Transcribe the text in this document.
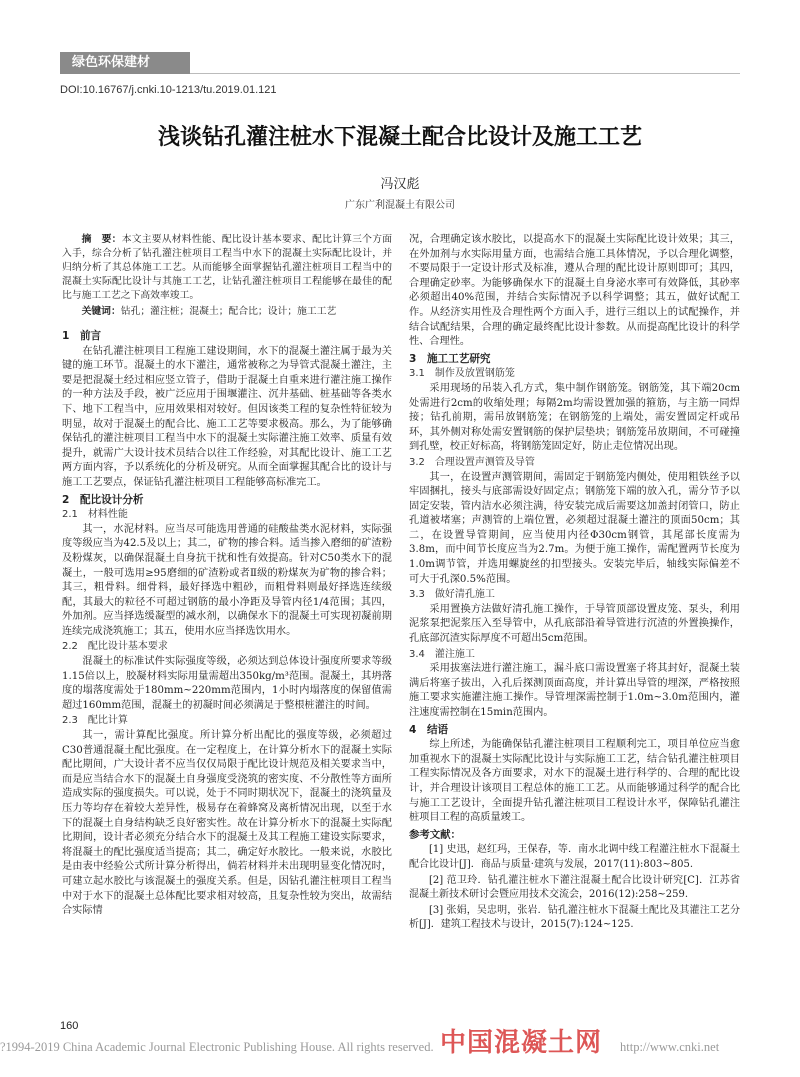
绿色环保建材
DOI:10.16767/j.cnki.10-1213/tu.2019.01.121
浅谈钻孔灌注桩水下混凝土配合比设计及施工工艺
冯汉彪
广东广利混凝土有限公司
摘　要：本文主要从材料性能、配比设计基本要求、配比计算三个方面入手，综合分析了钻孔灌注桩项目工程当中水下的混凝土实际配比设计，并归纳分析了其总体施工工艺。从而能够全面掌握钻孔灌注桩项目工程当中的混凝土实际配比设计与其施工工艺，让钻孔灌注桩项目工程能够在最佳的配比与施工工艺之下高效率竣工。
关键词：钻孔；灌注桩；混凝土；配合比；设计；施工工艺
1　前言

在钻孔灌注桩项目工程施工建设期间，水下的混凝土灌注属于最为关键的施工环节。混凝土的水下灌注，通常被称之为导管式混凝土灌注，主要是把混凝土经过相应竖立管子，借助于混凝土自重来进行灌注施工操作的一种方法及手段，被广泛应用于围堰灌注、沉井基础、桩基础等各类水下、地下工程当中，应用效果相对较好。但因该类工程的复杂性特征较为明显，故对于混凝土的配合比、施工工艺等要求极高。那么，为了能够确保钻孔的灌注桩项目工程当中水下的混凝土实际灌注施工效率、质量有效提升，就需广大设计技术员结合以往工作经验，对其配比设计、施工工艺两方面内容，予以系统化的分析及研究。从而全面掌握其配合比的设计与施工工艺要点，保证钻孔灌注桩项目工程能够高标准完工。

2　配比设计分析
2.1　材料性能

其一，水泥材料。应当尽可能选用普通的硅酸盐类水泥材料，实际强度等级应当为42.5及以上；其二，矿物的掺合料。适当掺入磨细的矿渣粉及粉煤灰，以确保混凝土自身抗干扰和性有效提高。针对C50类水下的混凝土，一般可选用≥95磨细的矿渣粉或者Ⅱ级的粉煤灰为矿物的掺合料；其三，粗骨料。细骨料，最好择选中粗砂，而粗骨料则最好择选连续级配，其最大的粒径不可超过钢筋的最小净距及导管内径1/4范围；其四，外加剂。应当择选缓凝型的减水剂，以确保水下的混凝土可实现初凝前期连续完成浇筑施工；其五，使用水应当择选饮用水。

2.2　配比设计基本要求

混凝土的标准试件实际强度等级，必须达到总体设计强度所要求等级1.15倍以上，胶凝材料实际用量需超出350kg/m³范围。混凝土，其坍落度的塌落度需处于180mm~220mm范围内，1小时内塌落度的保留值需超过160mm范围，混凝土的初凝时间必须满足于整根桩灌注的时间。

2.3　配比计算

其一，需计算配比强度。所计算分析出配比的强度等级，必须超过C30普通混凝土配比强度。在一定程度上，在计算分析水下的混凝土实际配比期间，广大设计者不应当仅仅局限于配比设计规范及相关要求当中，而是应当结合水下的混凝土自身强度受浇筑的密实度、不分散性等方面所造成实际的强度损失。可以说，处于不同时期状况下，混凝土的浇筑量及压力等均存在着较大差异性，极易存在着蜂窝及离析情况出现，以至于水下的混凝土自身结构缺乏良好密实性。故在计算分析水下的混凝土实际配比期间，设计者必须充分结合水下的混凝土及其工程施工建设实际要求，将混凝土的配比强度适当提高；其二，确定好水胶比。一般来说，水胶比是由表中经验公式所计算分析得出，倘若材料并未出现明显变化情况时，可建立起水胶比与该混凝土的强度关系。但是，因钻孔灌注桩项目工程当中对于水下的混凝土总体配比要求相对较高，且复杂性较为突出，故需结合实际情

况，合理确定该水胶比，以提高水下的混凝土实际配比设计效果；其三，在外加剂与水实际用量方面，也需结合施工具体情况，予以合理化调整，不要局限于一定设计形式及标准，遵从合理的配比设计原则即可；其四，合理确定砂率。为能够确保水下的混凝土自身泌水率可有效降低，其砂率必须超出40%范围，并结合实际情况予以科学调整；其五，做好试配工作。从经济实用性及合理性两个方面入手，进行三组以上的试配操作，并结合试配结果，合理的确定最终配比设计参数。从而提高配比设计的科学性、合理性。

3　施工工艺研究
3.1　制作及放置钢筋笼

采用现场的吊装入孔方式，集中制作钢筋笼。钢筋笼，其下端20cm处需进行2cm的收缩处理；每隔2m均需设置加强的箍筋，与主筋一同焊接；钻孔前期，需吊放钢筋笼；在钢筋笼的上端处，需安置固定杆或吊环，其外侧对称处需安置钢筋的保护层垫块；钢筋笼吊放期间，不可碰撞到孔壁，校正好标高，将钢筋笼固定好，防止走位情况出现。

3.2　合理设置声测管及导管

其一，在设置声测管期间，需固定于钢筋笼内侧处，使用粗铁丝予以牢固捆扎，接头与底部需设好固定点；钢筋笼下端的放入孔，需分节予以固定安装，管内洁水必须注满，待安装完成后需要这加盖封闭管口，防止孔道被堵塞；声测管的上端位置，必须超过混凝土灌注的顶面50cm；其二，在设置导管期间，应当使用内径Φ30cm钢管，其尾部长度需为3.8m，而中间节长度应当为2.7m。为便于施工操作，需配置两节长度为1.0m调节管，并选用螺旋丝的扣型接头。安装完毕后，轴线实际偏差不可大于孔深0.5%范围。

3.3　做好清孔施工

采用置换方法做好清孔施工操作，于导管顶部设置皮笼、泵头，利用泥浆泵把泥浆压入至导管中，从孔底部沿着导管进行沉渣的外置换操作，孔底部沉渣实际厚度不可超出5cm范围。

3.4　灌注施工

采用拔塞法进行灌注施工，漏斗底口需设置塞子将其封好，混凝土装满后将塞子拔出，入孔后探测顶面高度，并计算出导管的埋深，严格按照施工要求实施灌注施工操作。导管埋深需控制于1.0m~3.0m范围内，灌注速度需控制在15min范围内。

4　结语

综上所述，为能确保钻孔灌注桩项目工程顺利完工，项目单位应当愈加重视水下的混凝土实际配比设计与实际施工工艺，结合钻孔灌注桩项目工程实际情况及各方面要求，对水下的混凝土进行科学的、合理的配比设计，并合理设计该项目工程总体的施工工艺。从而能够通过科学的配合比与施工工艺设计，全面提升钻孔灌注桩项目工程设计水平，保障钻孔灌注桩项目工程的高质量竣工。

参考文献：
[1] 史迅，赵红玛，王保春，等．南水北调中线工程灌注桩水下混凝土配合比设计[J]．商品与质量·建筑与发展，2017(11):803~805.
[2] 范卫玲．钻孔灌注桩水下灌注混凝土配合比设计研究[C]．江苏省混凝土新技术研讨会暨应用技术交流会，2016(12):258~259.
[3] 张娟，吴忠明，张岩．钻孔灌注桩水下混凝土配比及其灌注工艺分析[J]．建筑工程技术与设计，2015(7):124~125.
160
?1994-2019 China Academic Journal Electronic Publishing House. All rights reserved.	http://www.cnki.net
中国混凝土网
